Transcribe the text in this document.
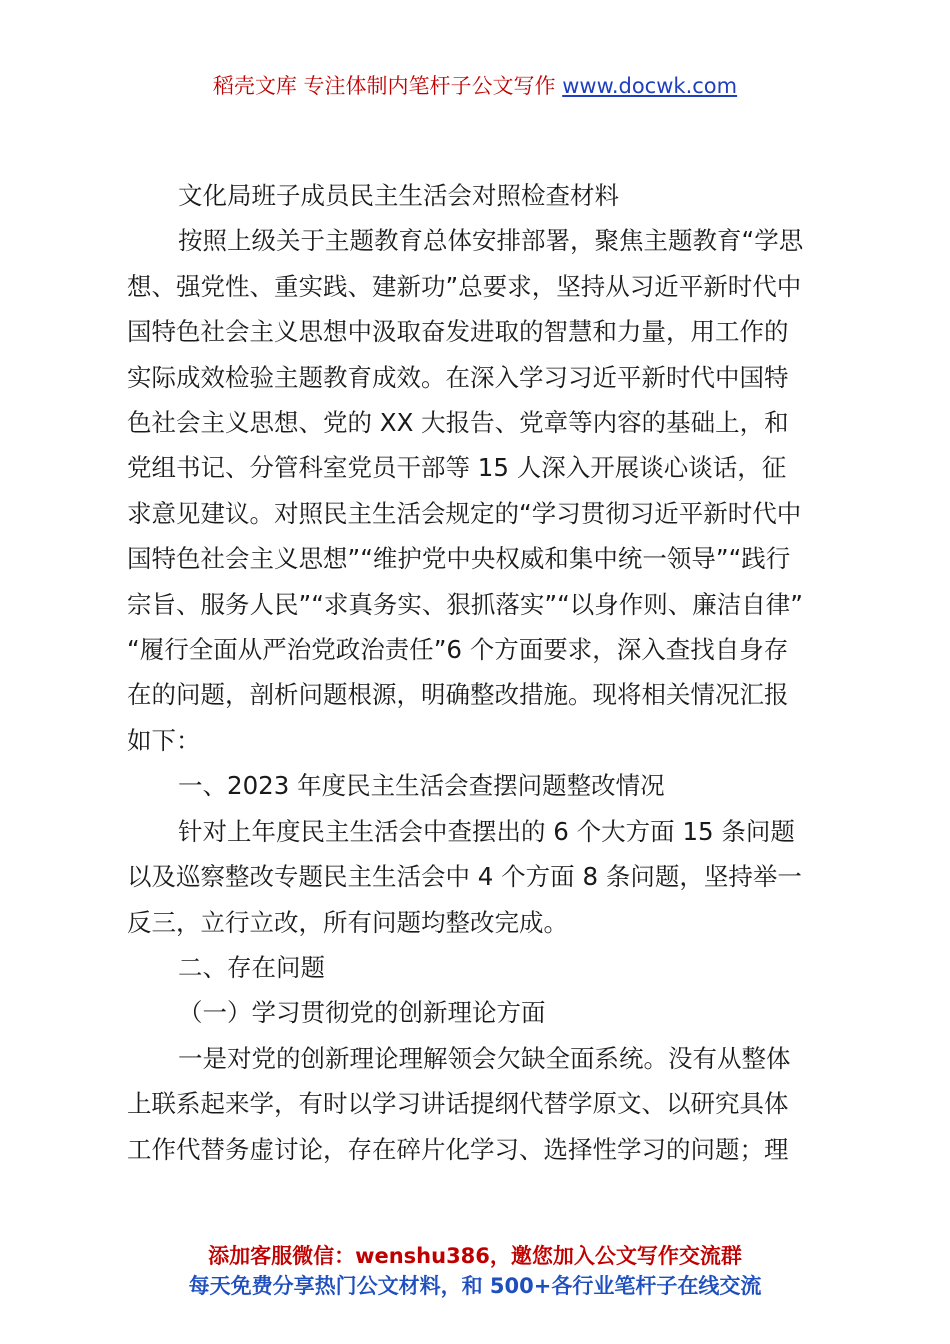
稻壳文库 专注体制内笔杆子公文写作 www.docwk.com

文化局班子成员民主生活会对照检查材料

按照上级关于主题教育总体安排部署，聚焦主题教育“学思
想、强党性、重实践、建新功”总要求，坚持从习近平新时代中
国特色社会主义思想中汲取奋发进取的智慧和力量，用工作的
实际成效检验主题教育成效。在深入学习习近平新时代中国特
色社会主义思想、党的 XX 大报告、党章等内容的基础上，和
党组书记、分管科室党员干部等 15 人深入开展谈心谈话，征
求意见建议。对照民主生活会规定的“学习贯彻习近平新时代中
国特色社会主义思想”“维护党中央权威和集中统一领导”“践行
宗旨、服务人民”“求真务实、狠抓落实”“以身作则、廉洁自律”
“履行全面从严治党政治责任”6 个方面要求，深入查找自身存
在的问题，剖析问题根源，明确整改措施。现将相关情况汇报
如下：

一、2023 年度民主生活会查摆问题整改情况

针对上年度民主生活会中查摆出的 6 个大方面 15 条问题
以及巡察整改专题民主生活会中 4 个方面 8 条问题，坚持举一
反三，立行立改，所有问题均整改完成。

二、存在问题

（一）学习贯彻党的创新理论方面

一是对党的创新理论理解领会欠缺全面系统。没有从整体
上联系起来学，有时以学习讲话提纲代替学原文、以研究具体
工作代替务虚讨论，存在碎片化学习、选择性学习的问题；理

添加客服微信：wenshu386，邀您加入公文写作交流群
每天免费分享热门公文材料，和 500+各行业笔杆子在线交流
